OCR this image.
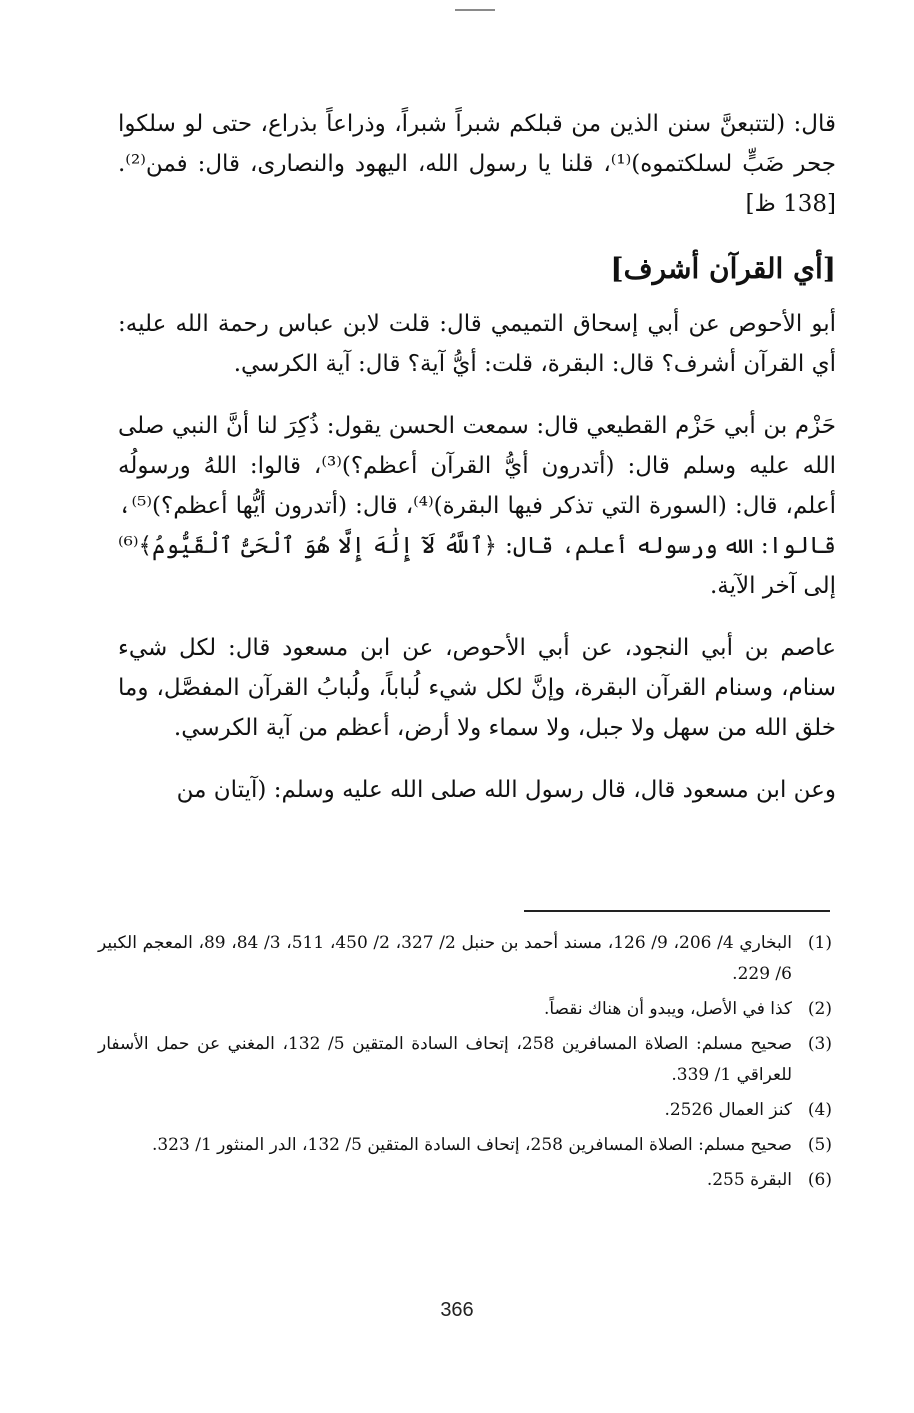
قال: (لتتبعنَّ سنن الذين من قبلكم شبراً شبراً، وذراعاً بذراع، حتى لو سلكوا جحر ضَبٍّ لسلكتموه)⁽¹⁾، قلنا يا رسول الله، اليهود والنصارى، قال: فمن⁽²⁾. [138 ظ]

[أي القرآن أشرف]

أبو الأحوص عن أبي إسحاق التميمي قال: قلت لابن عباس رحمة الله عليه: أي القرآن أشرف؟ قال: البقرة، قلت: أيُّ آية؟ قال: آية الكرسي.

حَزْم بن أبي حَزْم القطيعي قال: سمعت الحسن يقول: ذُكِرَ لنا أنَّ النبي صلى الله عليه وسلم قال: (أتدرون أيُّ القرآن أعظم؟)⁽³⁾، قالوا: اللهُ ورسولُه أعلم، قال: (السورة التي تذكر فيها البقرة)⁽⁴⁾، قال: (أتدرون أيُّها أعظم؟)⁽⁵⁾، قالوا: الله ورسوله أعلم، قال: ﴿ٱللَّهُ لَآ إِلَٰهَ إِلَّا هُوَ ٱلْحَىُّ ٱلْقَيُّومُ﴾⁽⁶⁾ إلى آخر الآية.

عاصم بن أبي النجود، عن أبي الأحوص، عن ابن مسعود قال: لكل شيء سنام، وسنام القرآن البقرة، وإنَّ لكل شيء لُباباً، ولُبابُ القرآن المفصَّل، وما خلق الله من سهل ولا جبل، ولا سماء ولا أرض، أعظم من آية الكرسي.

وعن ابن مسعود قال، قال رسول الله صلى الله عليه وسلم: (آيتان من

(1)
البخاري 4/ 206، 9/ 126، مسند أحمد بن حنبل 2/ 327، 2/ 450، 511، 3/ 84، 89، المعجم الكبير 6/ 229.
(2)
كذا في الأصل، ويبدو أن هناك نقصاً.
(3)
صحيح مسلم: الصلاة المسافرين 258، إتحاف السادة المتقين 5/ 132، المغني عن حمل الأسفار للعراقي 1/ 339.
(4)
كنز العمال 2526.
(5)
صحيح مسلم: الصلاة المسافرين 258، إتحاف السادة المتقين 5/ 132، الدر المنثور 1/ 323.
(6)
البقرة 255.
366
